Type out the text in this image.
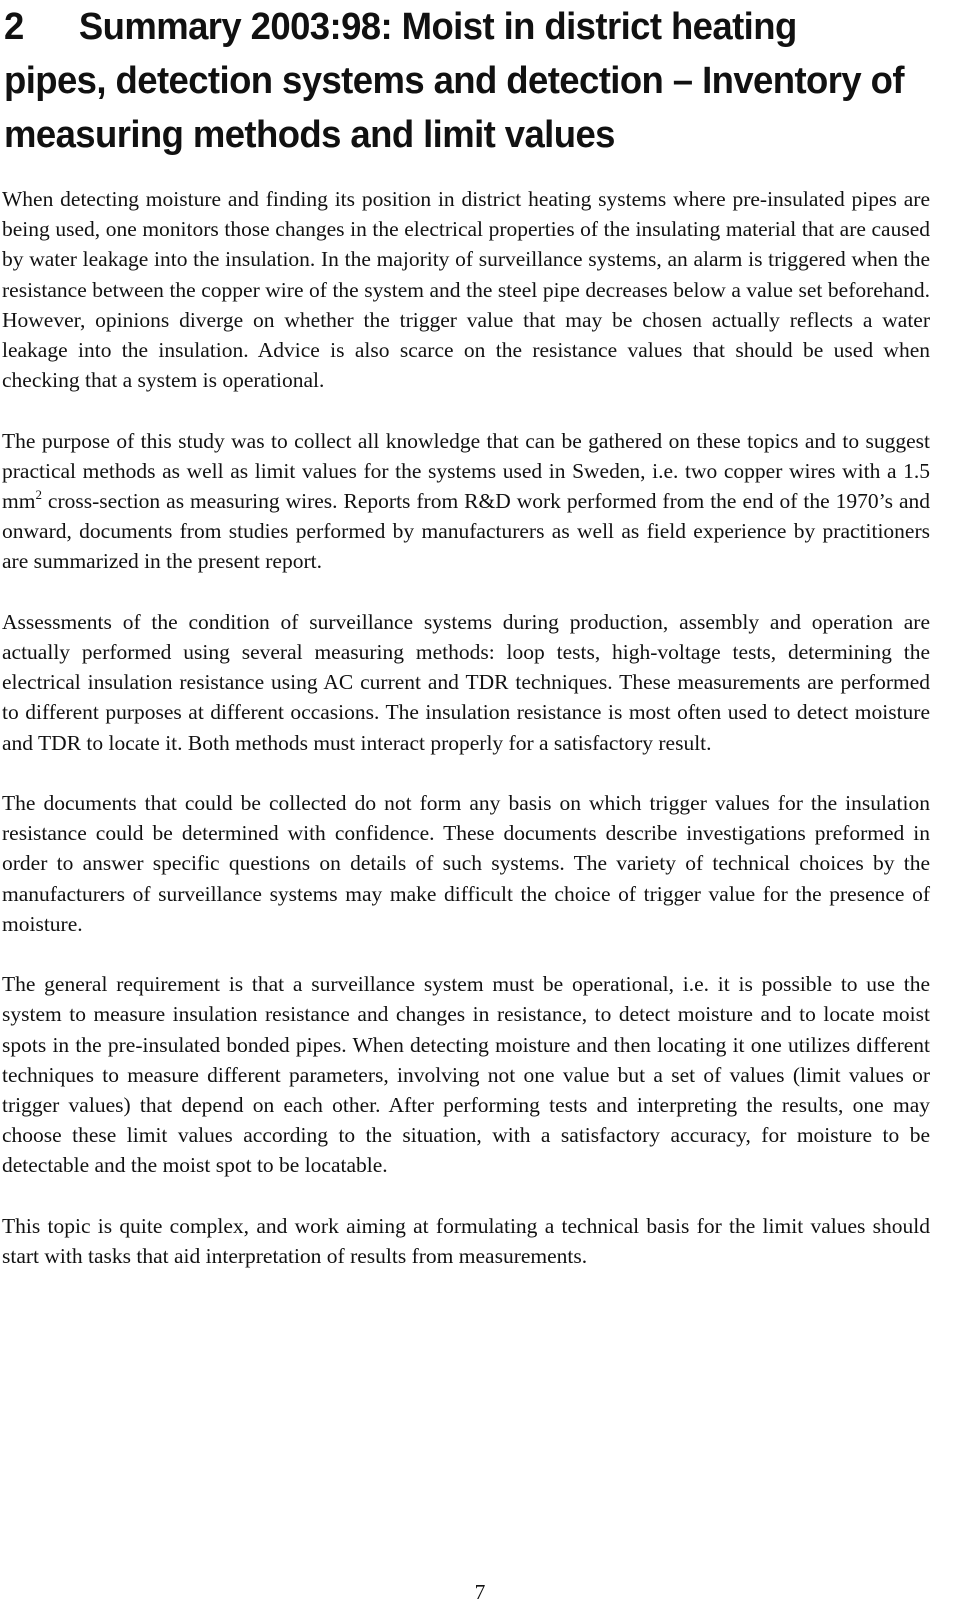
2 Summary 2003:98: Moist in district heating pipes, detection systems and detection – Inventory of measuring methods and limit values

When detecting moisture and finding its position in district heating systems where pre-insulated pipes are being used, one monitors those changes in the electrical properties of the insulating material that are caused by water leakage into the insulation. In the majority of surveillance systems, an alarm is triggered when the resistance between the copper wire of the system and the steel pipe decreases below a value set beforehand. However, opinions diverge on whether the trigger value that may be chosen actually reflects a water leakage into the insulation. Advice is also scarce on the resistance values that should be used when checking that a system is operational.

The purpose of this study was to collect all knowledge that can be gathered on these topics and to suggest practical methods as well as limit values for the systems used in Sweden, i.e. two copper wires with a 1.5 $mm^2$ cross-section as measuring wires. Reports from R&D work performed from the end of the 1970’s and onward, documents from studies performed by manufacturers as well as field experience by practitioners are summarized in the present report.

Assessments of the condition of surveillance systems during production, assembly and operation are actually performed using several measuring methods: loop tests, high-voltage tests, determining the electrical insulation resistance using AC current and TDR techniques. These measurements are performed to different purposes at different occasions. The insulation resistance is most often used to detect moisture and TDR to locate it. Both methods must interact properly for a satisfactory result.

The documents that could be collected do not form any basis on which trigger values for the insulation resistance could be determined with confidence. These documents describe investigations preformed in order to answer specific questions on details of such systems. The variety of technical choices by the manufacturers of surveillance systems may make difficult the choice of trigger value for the presence of moisture.

The general requirement is that a surveillance system must be operational, i.e. it is possible to use the system to measure insulation resistance and changes in resistance, to detect moisture and to locate moist spots in the pre-insulated bonded pipes. When detecting moisture and then locating it one utilizes different techniques to measure different parameters, involving not one value but a set of values (limit values or trigger values) that depend on each other. After performing tests and interpreting the results, one may choose these limit values according to the situation, with a satisfactory accuracy, for moisture to be detectable and the moist spot to be locatable.

This topic is quite complex, and work aiming at formulating a technical basis for the limit values should start with tasks that aid interpretation of results from measurements.

7
